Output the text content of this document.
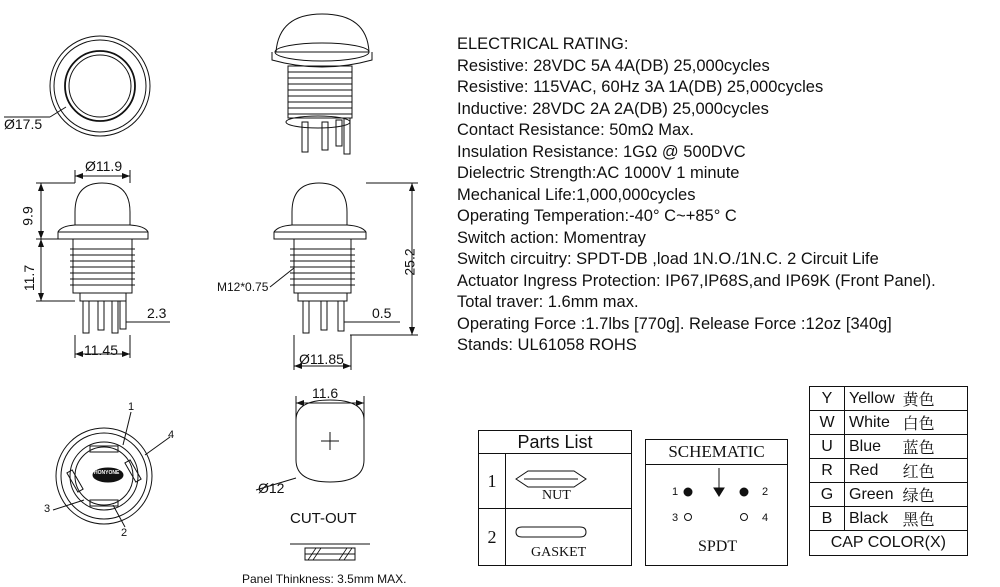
9.9
11.7
25.2
Ø17.5
Ø11.9
2.3
11.45
M12*0.75
0.5
Ø11.85
11.6
Ø12
1
4
3
2
HONYONE
CUT-OUT
Panel Thinkness: 3.5mm MAX.
ELECTRICAL RATING:
Resistive: 28VDC 5A 4A(DB) 25,000cycles
Resistive: 115VAC, 60Hz 3A 1A(DB) 25,000cycles
Inductive: 28VDC 2A 2A(DB) 25,000cycles
Contact Resistance: 50mΩ Max.
Insulation Resistance: 1GΩ @ 500DVC
Dielectric Strength:AC 1000V 1 minute
Mechanical Life:1,000,000cycles
Operating Temperation:-40° C~+85° C
Switch action: Momentray
Switch circuitry: SPDT-DB ,load 1N.O./1N.C. 2 Circuit Life
Actuator Ingress Protection: IP67,IP68S,and IP69K (Front Panel).
Total traver: 1.6mm max.
Operating Force :1.7lbs [770g]. Release Force :12oz [340g]
Stands: UL61058 ROHS
Parts List
1
NUT
2
GASKET
SCHEMATIC
1	2
3	4
SPDT
Y	Yellow	黄色
W	White	白色
U	Blue	蓝色
R	Red	红色
G	Green	绿色
B	Black	黑色
CAP COLOR(X)		
